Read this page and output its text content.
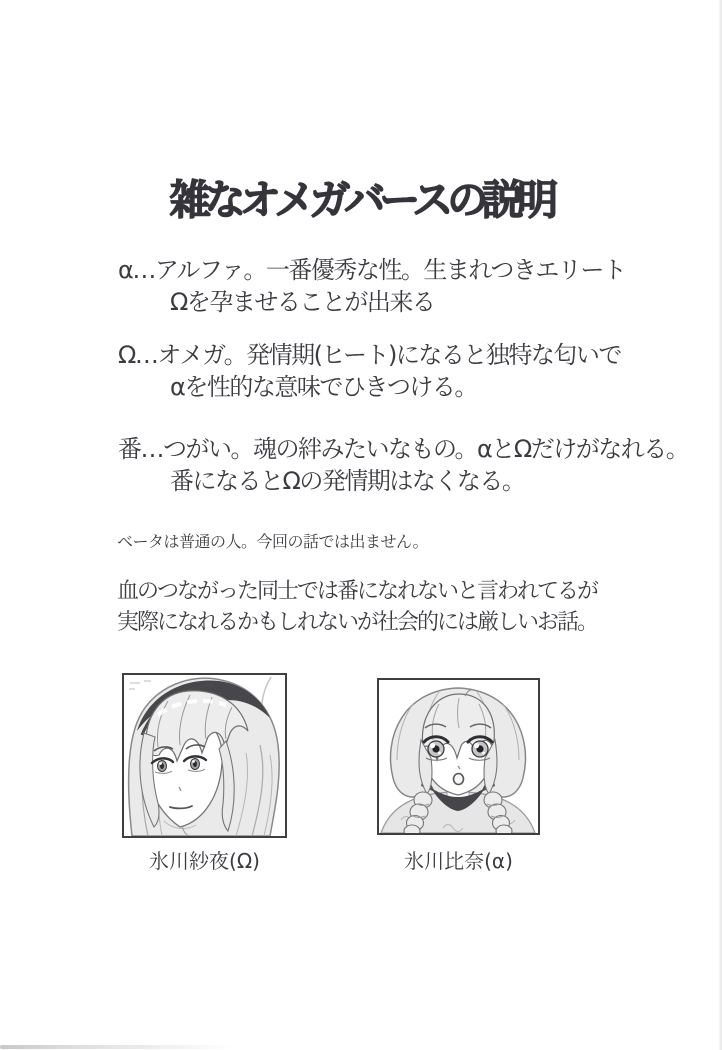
雑なオメガバースの説明
α…アルファ。一番優秀な性。生まれつきエリート
Ωを孕ませることが出来る
Ω…オメガ。発情期(ヒート)になると独特な匂いで
αを性的な意味でひきつける。
番…つがい。魂の絆みたいなもの。αとΩだけがなれる。
番になるとΩの発情期はなくなる。
ベータは普通の人。今回の話では出ません。
血のつながった同士では番になれないと言われてるが
実際になれるかもしれないが社会的には厳しいお話。
氷川紗夜(Ω)	氷川比奈(α)
